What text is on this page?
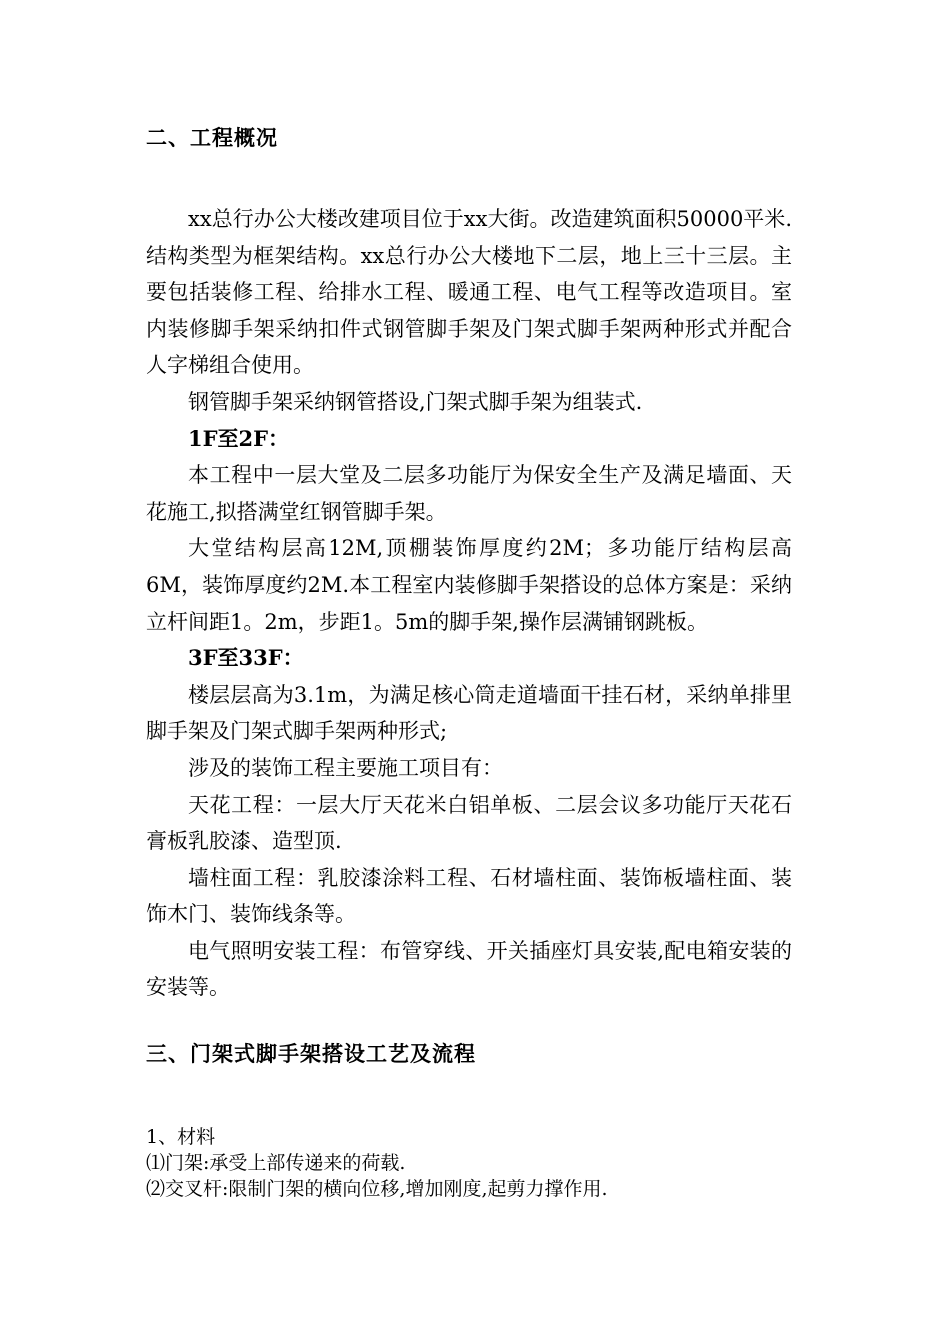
二、工程概况

xx总行办公大楼改建项目位于xx大街。改造建筑面积50000平米.结构类型为框架结构。xx总行办公大楼地下二层，地上三十三层。主要包括装修工程、给排水工程、暖通工程、电气工程等改造项目。室内装修脚手架采纳扣件式钢管脚手架及门架式脚手架两种形式并配合人字梯组合使用。

钢管脚手架采纳钢管搭设,门架式脚手架为组装式.

1F至2F：

本工程中一层大堂及二层多功能厅为保安全生产及满足墙面、天花施工,拟搭满堂红钢管脚手架。

大堂结构层高12M,顶棚装饰厚度约2M；多功能厅结构层高6M，装饰厚度约2M.本工程室内装修脚手架搭设的总体方案是：采纳立杆间距1。2m，步距1。5m的脚手架,操作层满铺钢跳板。

3F至33F：

楼层层高为3.1m，为满足核心筒走道墙面干挂石材，采纳单排里脚手架及门架式脚手架两种形式;

涉及的装饰工程主要施工项目有：

天花工程：一层大厅天花米白铝单板、二层会议多功能厅天花石膏板乳胶漆、造型顶.

墙柱面工程：乳胶漆涂料工程、石材墙柱面、装饰板墙柱面、装饰木门、装饰线条等。

电气照明安装工程：布管穿线、开关插座灯具安装,配电箱安装的安装等。

三、门架式脚手架搭设工艺及流程
1、材料
⑴门架:承受上部传递来的荷载.
⑵交叉杆:限制门架的横向位移,增加刚度,起剪力撑作用.
